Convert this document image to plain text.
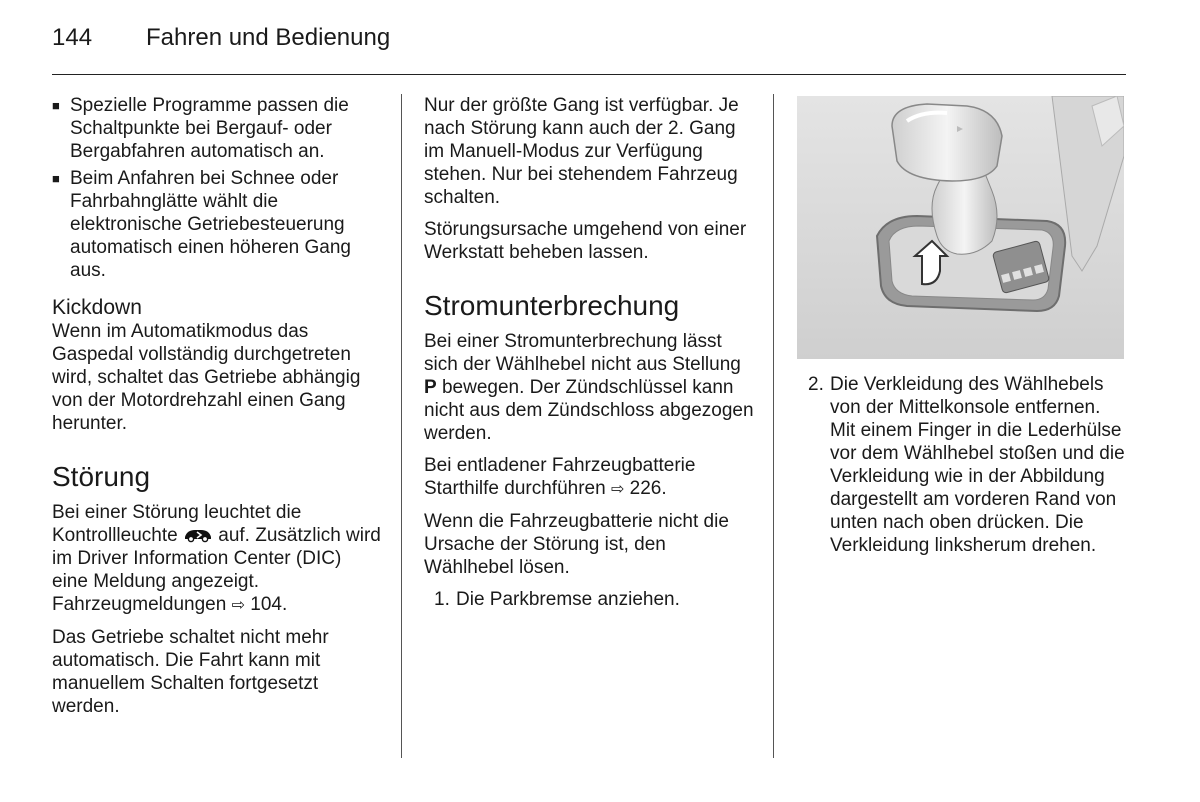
144 Fahren und Bedienung
■ Spezielle Programme passen die Schaltpunkte bei Bergauf- oder Bergabfahren automatisch an.
■ Beim Anfahren bei Schnee oder Fahrbahnglätte wählt die elektronische Getriebesteuerung automatisch einen höheren Gang aus.
Kickdown

Wenn im Automatikmodus das Gaspedal vollständig durchgetreten wird, schaltet das Getriebe abhängig von der Motordrehzahl einen Gang herunter.

Störung

Bei einer Störung leuchtet die Kontrollleuchte auf. Zusätzlich wird im Driver Information Center (DIC) eine Meldung angezeigt. Fahrzeugmeldungen ⇨ 104.

Das Getriebe schaltet nicht mehr automatisch. Die Fahrt kann mit manuellem Schalten fortgesetzt werden.

Nur der größte Gang ist verfügbar. Je nach Störung kann auch der 2. Gang im Manuell-Modus zur Verfügung stehen. Nur bei stehendem Fahrzeug schalten.

Störungsursache umgehend von einer Werkstatt beheben lassen.

Stromunterbrechung

Bei einer Stromunterbrechung lässt sich der Wählhebel nicht aus Stellung P bewegen. Der Zündschlüssel kann nicht aus dem Zündschloss abgezogen werden.

Bei entladener Fahrzeugbatterie Starthilfe durchführen ⇨ 226.

Wenn die Fahrzeugbatterie nicht die Ursache der Störung ist, den Wählhebel lösen.

1. Die Parkbremse anziehen.

2. Die Verkleidung des Wählhebels von der Mittelkonsole entfernen. Mit einem Finger in die Lederhülse vor dem Wählhebel stoßen und die Verkleidung wie in der Abbildung dargestellt am vorderen Rand von unten nach oben drücken. Die Verkleidung linksherum drehen.
